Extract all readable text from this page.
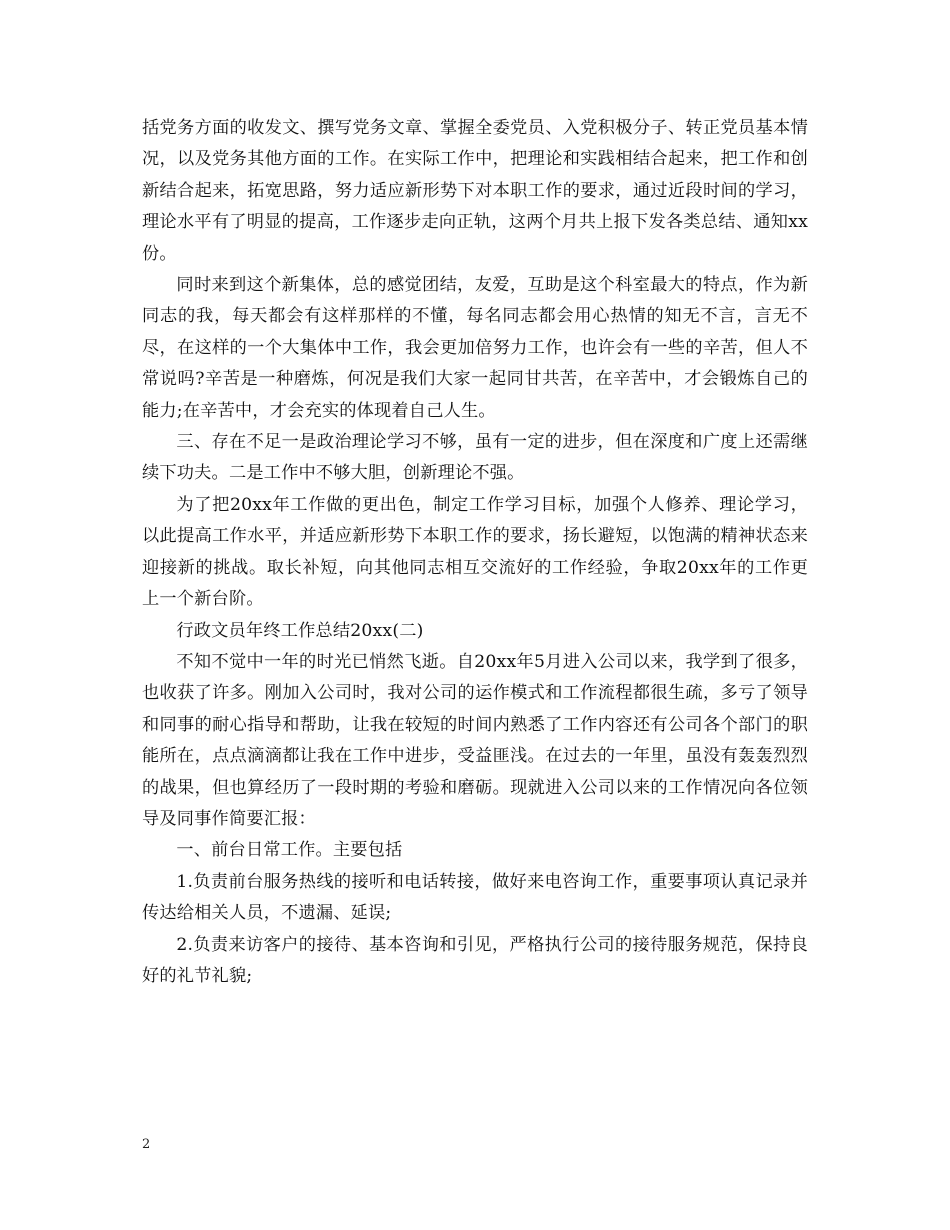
括党务方面的收发文、撰写党务文章、掌握全委党员、入党积极分子、转正党员基本情况，以及党务其他方面的工作。在实际工作中，把理论和实践相结合起来，把工作和创新结合起来，拓宽思路，努力适应新形势下对本职工作的要求，通过近段时间的学习，理论水平有了明显的提高，工作逐步走向正轨，这两个月共上报下发各类总结、通知xx份。

同时来到这个新集体，总的感觉团结，友爱，互助是这个科室最大的特点，作为新同志的我，每天都会有这样那样的不懂，每名同志都会用心热情的知无不言，言无不尽，在这样的一个大集体中工作，我会更加倍努力工作，也许会有一些的辛苦，但人不常说吗?辛苦是一种磨炼，何况是我们大家一起同甘共苦，在辛苦中，才会锻炼自己的能力;在辛苦中，才会充实的体现着自己人生。

三、存在不足一是政治理论学习不够，虽有一定的进步，但在深度和广度上还需继续下功夫。二是工作中不够大胆，创新理论不强。

为了把20xx年工作做的更出色，制定工作学习目标，加强个人修养、理论学习，以此提高工作水平，并适应新形势下本职工作的要求，扬长避短，以饱满的精神状态来迎接新的挑战。取长补短，向其他同志相互交流好的工作经验，争取20xx年的工作更上一个新台阶。

行政文员年终工作总结20xx(二)

不知不觉中一年的时光已悄然飞逝。自20xx年5月进入公司以来，我学到了很多，也收获了许多。刚加入公司时，我对公司的运作模式和工作流程都很生疏，多亏了领导和同事的耐心指导和帮助，让我在较短的时间内熟悉了工作内容还有公司各个部门的职能所在，点点滴滴都让我在工作中进步，受益匪浅。在过去的一年里，虽没有轰轰烈烈的战果，但也算经历了一段时期的考验和磨砺。现就进入公司以来的工作情况向各位领导及同事作简要汇报：

一、前台日常工作。主要包括

1.负责前台服务热线的接听和电话转接，做好来电咨询工作，重要事项认真记录并传达给相关人员，不遗漏、延误;

2.负责来访客户的接待、基本咨询和引见，严格执行公司的接待服务规范，保持良好的礼节礼貌;

2
